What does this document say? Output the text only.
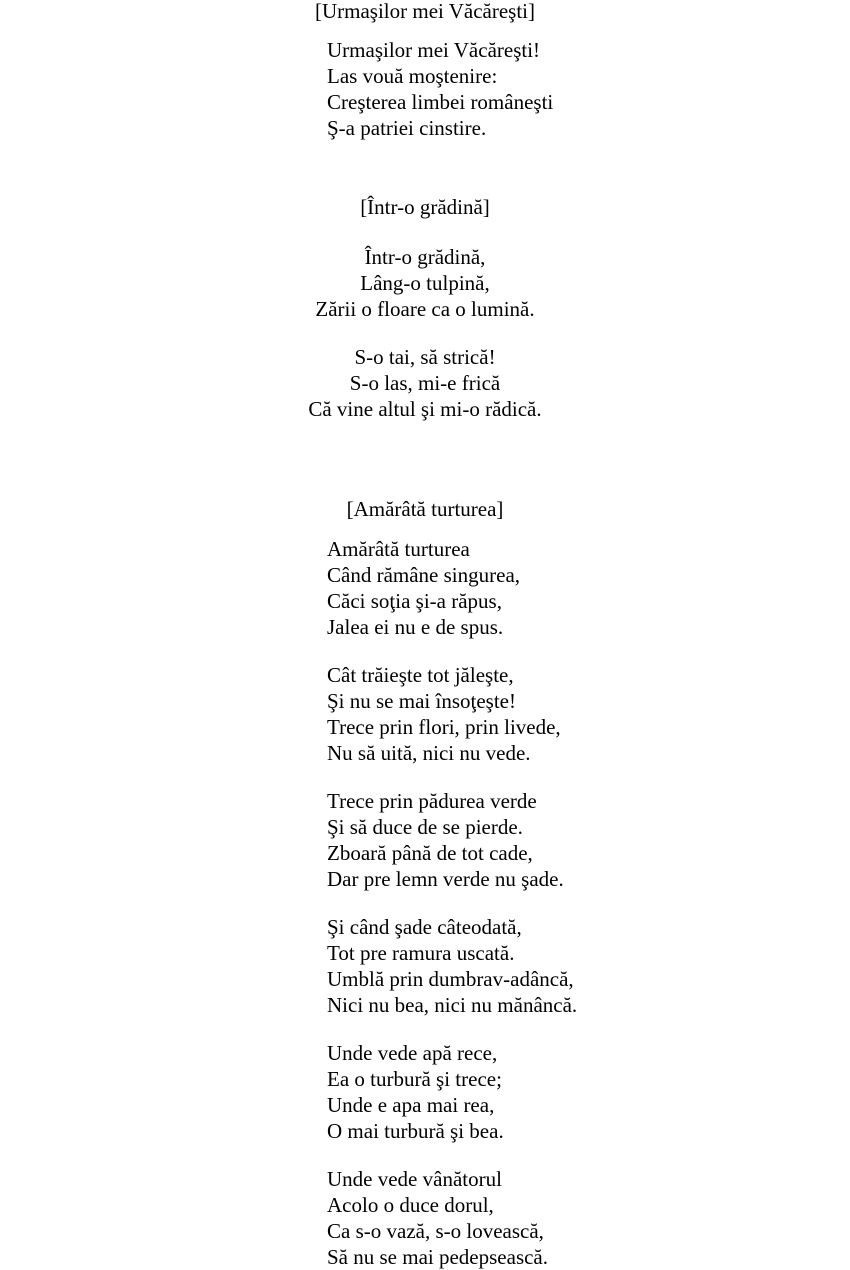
[Urmaşilor mei Văcăreşti]
Urmaşilor mei Văcăreşti!
Las vouă moştenire:
Creşterea limbei româneşti
Ş-a patriei cinstire.
[Într-o grădină]
Într-o grădină,
Lâng-o tulpină,
Zării o floare ca o lumină.
S-o tai, să strică!
S-o las, mi-e frică
Că vine altul şi mi-o rădică.
[Amărâtă turturea]
Amărâtă turturea
Când rămâne singurea,
Căci soţia şi-a răpus,
Jalea ei nu e de spus.
Cât trăieşte tot jăleşte,
Şi nu se mai însoţeşte!
Trece prin flori, prin livede,
Nu să uită, nici nu vede.
Trece prin pădurea verde
Şi să duce de se pierde.
Zboară până de tot cade,
Dar pre lemn verde nu şade.
Şi când şade câteodată,
Tot pre ramura uscată.
Umblă prin dumbrav-adâncă,
Nici nu bea, nici nu mănâncă.
Unde vede apă rece,
Ea o turbură şi trece;
Unde e apa mai rea,
O mai turbură şi bea.
Unde vede vânătorul
Acolo o duce dorul,
Ca s-o vază, s-o lovească,
Să nu se mai pedepsească.
